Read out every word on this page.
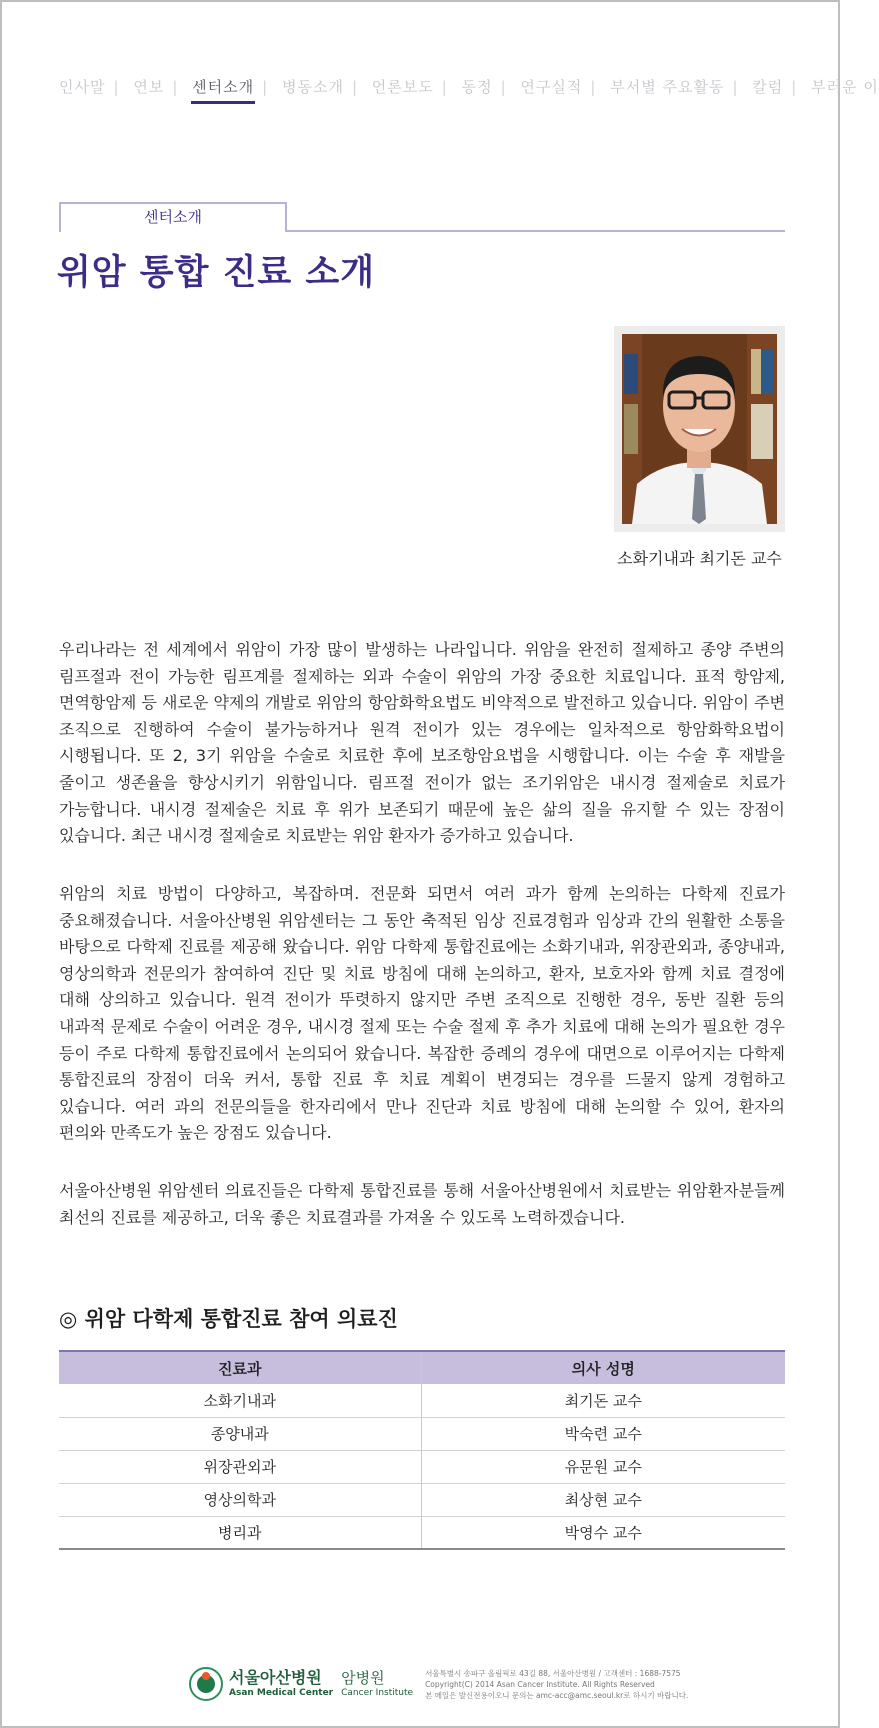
인사말 | 연보 | 센터소개 | 병동소개 | 언론보도 | 동정 | 연구실적 | 부서별 주요활동 | 칼럼 | 부러운 이
센터소개
위암 통합 진료 소개
소화기내과 최기돈 교수

우리나라는 전 세계에서 위암이 가장 많이 발생하는 나라입니다. 위암을 완전히 절제하고 종양 주변의 림프절과 전이 가능한 림프계를 절제하는 외과 수술이 위암의 가장 중요한 치료입니다. 표적 항암제, 면역항암제 등 새로운 약제의 개발로 위암의 항암화학요법도 비약적으로 발전하고 있습니다. 위암이 주변 조직으로 진행하여 수술이 불가능하거나 원격 전이가 있는 경우에는 일차적으로 항암화학요법이 시행됩니다. 또 2, 3기 위암을 수술로 치료한 후에 보조항암요법을 시행합니다. 이는 수술 후 재발을 줄이고 생존율을 향상시키기 위함입니다. 림프절 전이가 없는 조기위암은 내시경 절제술로 치료가 가능합니다. 내시경 절제술은 치료 후 위가 보존되기 때문에 높은 삶의 질을 유지할 수 있는 장점이 있습니다. 최근 내시경 절제술로 치료받는 위암 환자가 증가하고 있습니다.

위암의 치료 방법이 다양하고, 복잡하며. 전문화 되면서 여러 과가 함께 논의하는 다학제 진료가 중요해졌습니다. 서울아산병원 위암센터는 그 동안 축적된 임상 진료경험과 임상과 간의 원활한 소통을 바탕으로 다학제 진료를 제공해 왔습니다. 위암 다학제 통합진료에는 소화기내과, 위장관외과, 종양내과, 영상의학과 전문의가 참여하여 진단 및 치료 방침에 대해 논의하고, 환자, 보호자와 함께 치료 결정에 대해 상의하고 있습니다. 원격 전이가 뚜렷하지 않지만 주변 조직으로 진행한 경우, 동반 질환 등의 내과적 문제로 수술이 어려운 경우, 내시경 절제 또는 수술 절제 후 추가 치료에 대해 논의가 필요한 경우 등이 주로 다학제 통합진료에서 논의되어 왔습니다. 복잡한 증례의 경우에 대면으로 이루어지는 다학제 통합진료의 장점이 더욱 커서, 통합 진료 후 치료 계획이 변경되는 경우를 드물지 않게 경험하고 있습니다. 여러 과의 전문의들을 한자리에서 만나 진단과 치료 방침에 대해 논의할 수 있어, 환자의 편의와 만족도가 높은 장점도 있습니다.

서울아산병원 위암센터 의료진들은 다학제 통합진료를 통해 서울아산병원에서 치료받는 위암환자분들께 최선의 진료를 제공하고, 더욱 좋은 치료결과를 가져올 수 있도록 노력하겠습니다.

◎ 위암 다학제 통합진료 참여 의료진
진료과	의사 성명
소화기내과	최기돈 교수
종양내과	박숙련 교수
위장관외과	유문원 교수
영상의학과	최상현 교수
병리과	박영수 교수
서울아산병원
Asan Medical Center
암병원
Cancer Institute
서울특별시 송파구 올림픽로 43길 88, 서울아산병원 / 고객센터 : 1688-7575
Copyright(C) 2014 Asan Cancer Institute. All Rights Reserved
본 메일은 발신전용이오니 문의는 amc-acc@amc.seoul.kr로 하시기 바랍니다.
